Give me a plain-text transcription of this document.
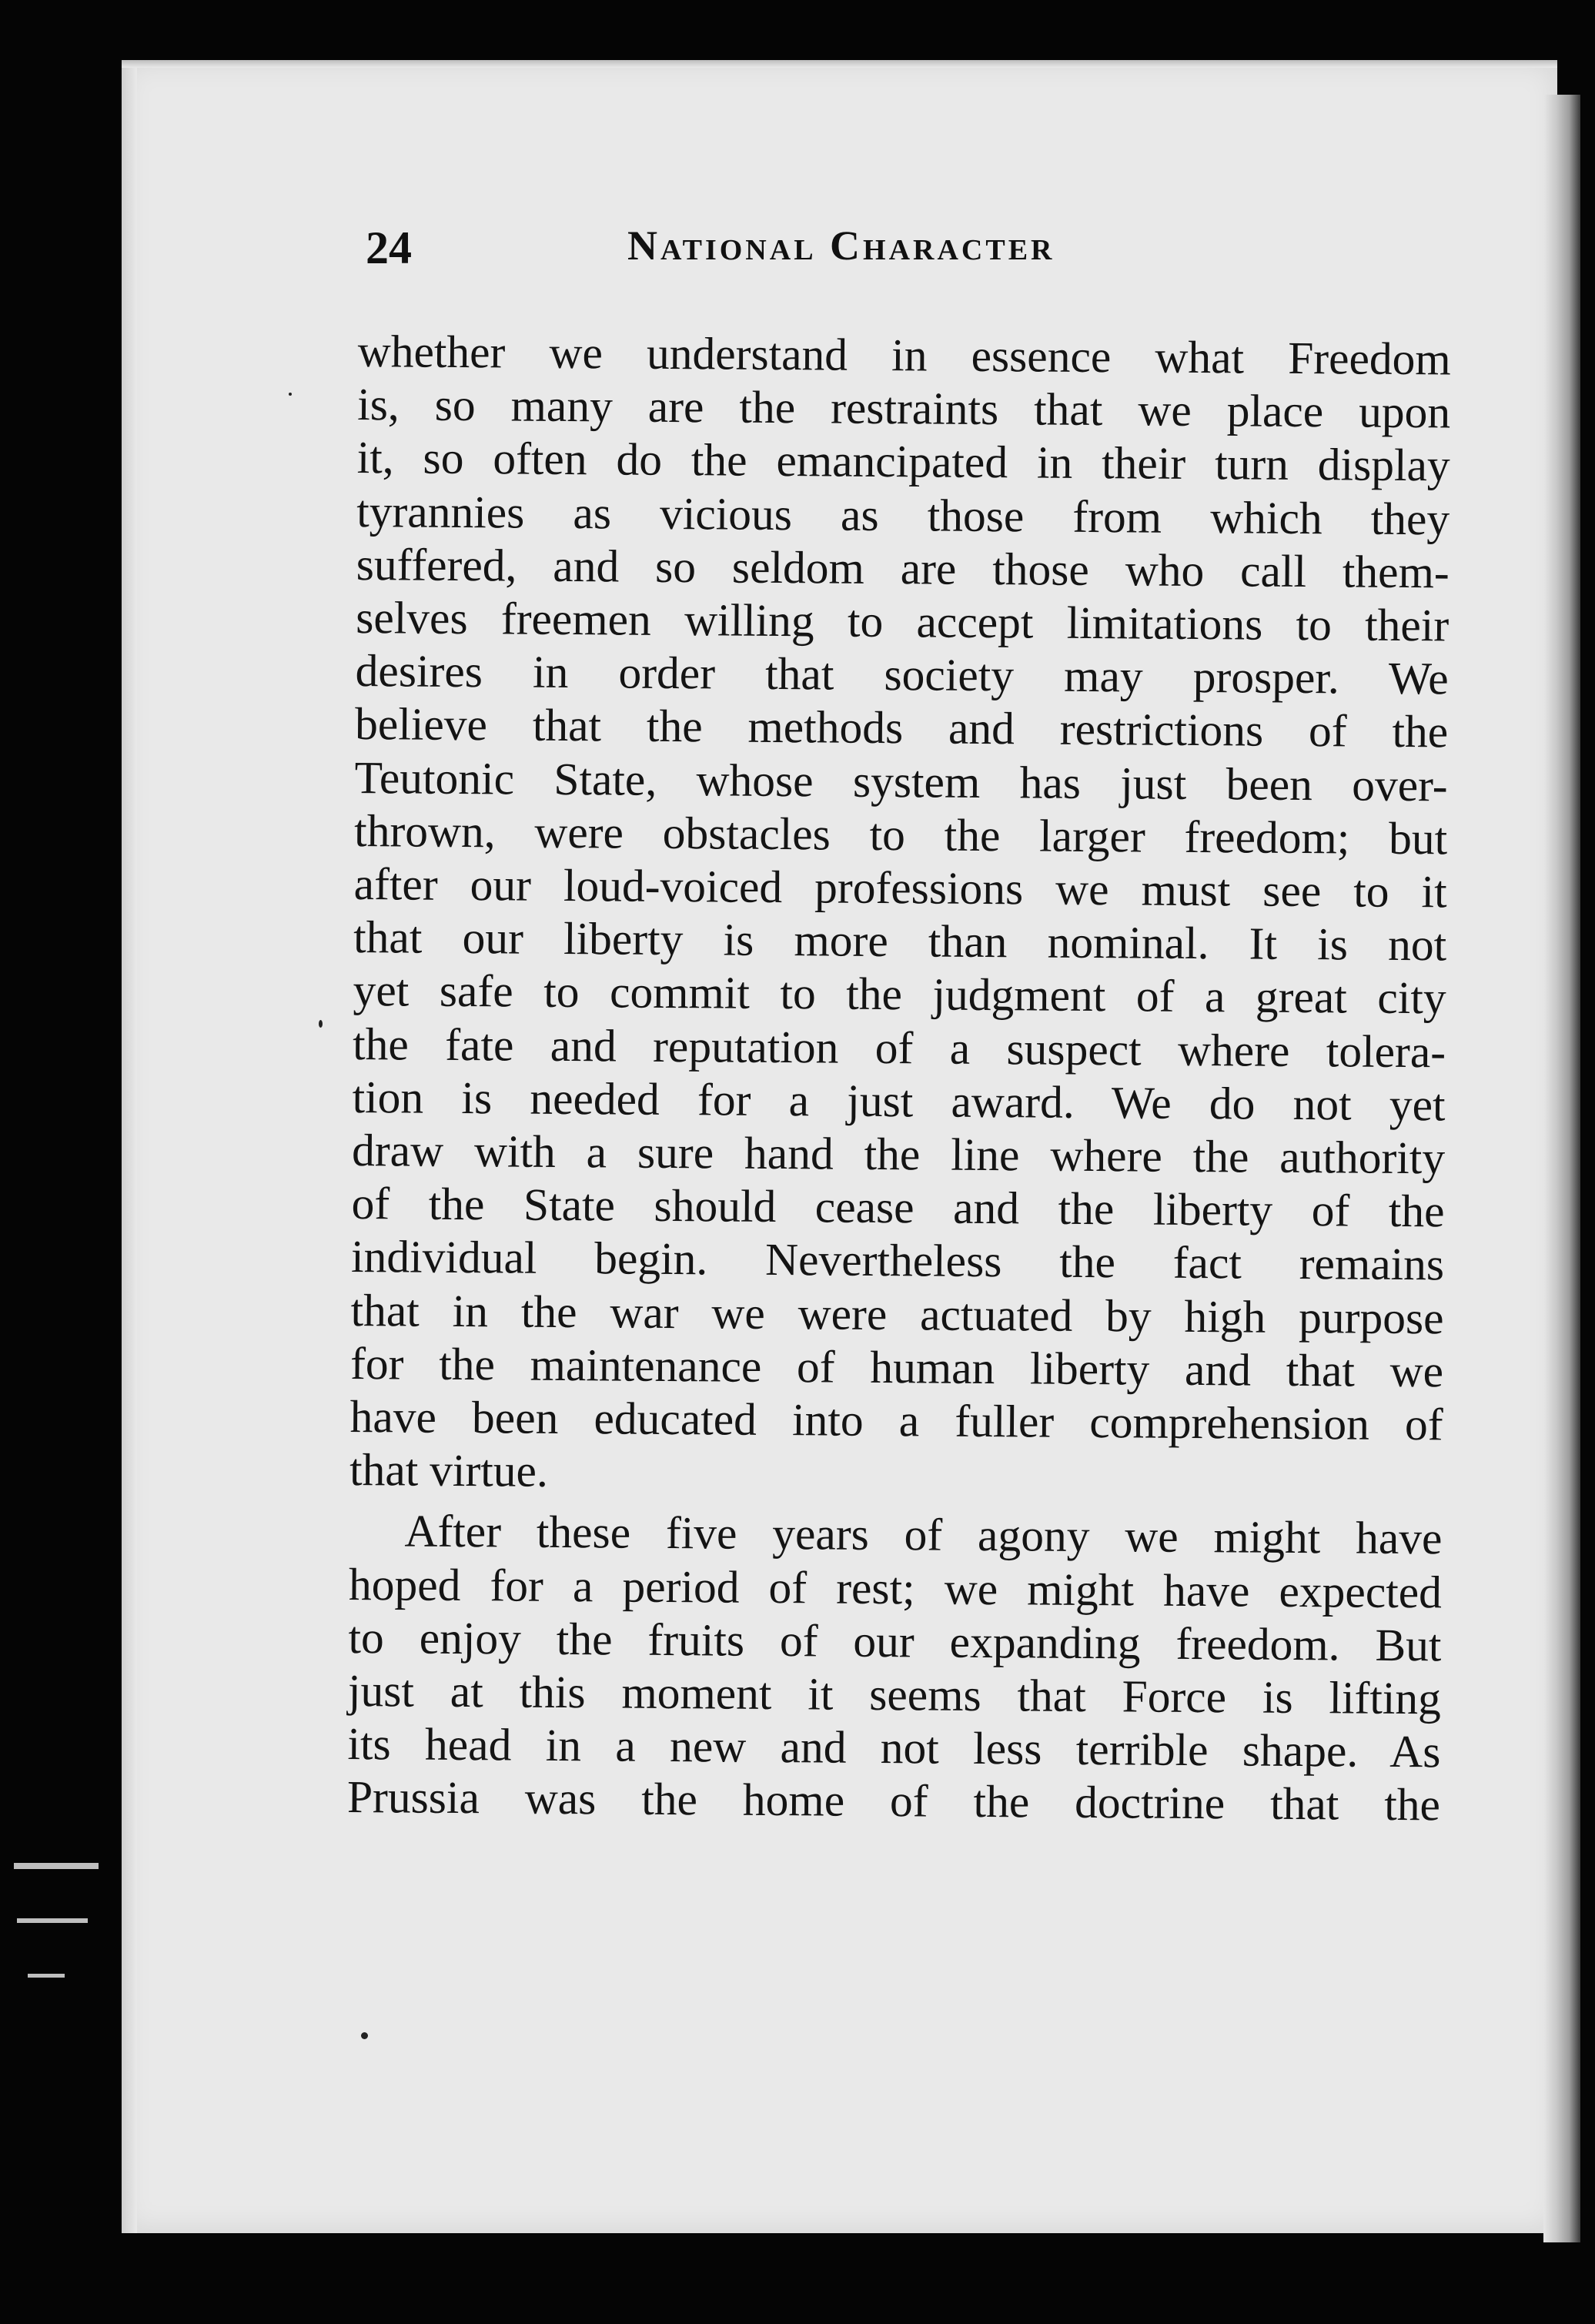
24	National Character

whether we understand in essence what Freedom
is, so many are the restraints that we place upon
it, so often do the emancipated in their turn display
tyrannies as vicious as those from which they
suffered, and so seldom are those who call them-
selves freemen willing to accept limitations to their
desires in order that society may prosper. We
believe that the methods and restrictions of the
Teutonic State, whose system has just been over-
thrown, were obstacles to the larger freedom; but
after our loud-voiced professions we must see to it
that our liberty is more than nominal. It is not
yet safe to commit to the judgment of a great city
the fate and reputation of a suspect where tolera-
tion is needed for a just award. We do not yet
draw with a sure hand the line where the authority
of the State should cease and the liberty of the
individual begin. Nevertheless the fact remains
that in the war we were actuated by high purpose
for the maintenance of human liberty and that we
have been educated into a fuller comprehension of
that virtue.

After these five years of agony we might have
hoped for a period of rest; we might have expected
to enjoy the fruits of our expanding freedom. But
just at this moment it seems that Force is lifting
its head in a new and not less terrible shape. As
Prussia was the home of the doctrine that the
